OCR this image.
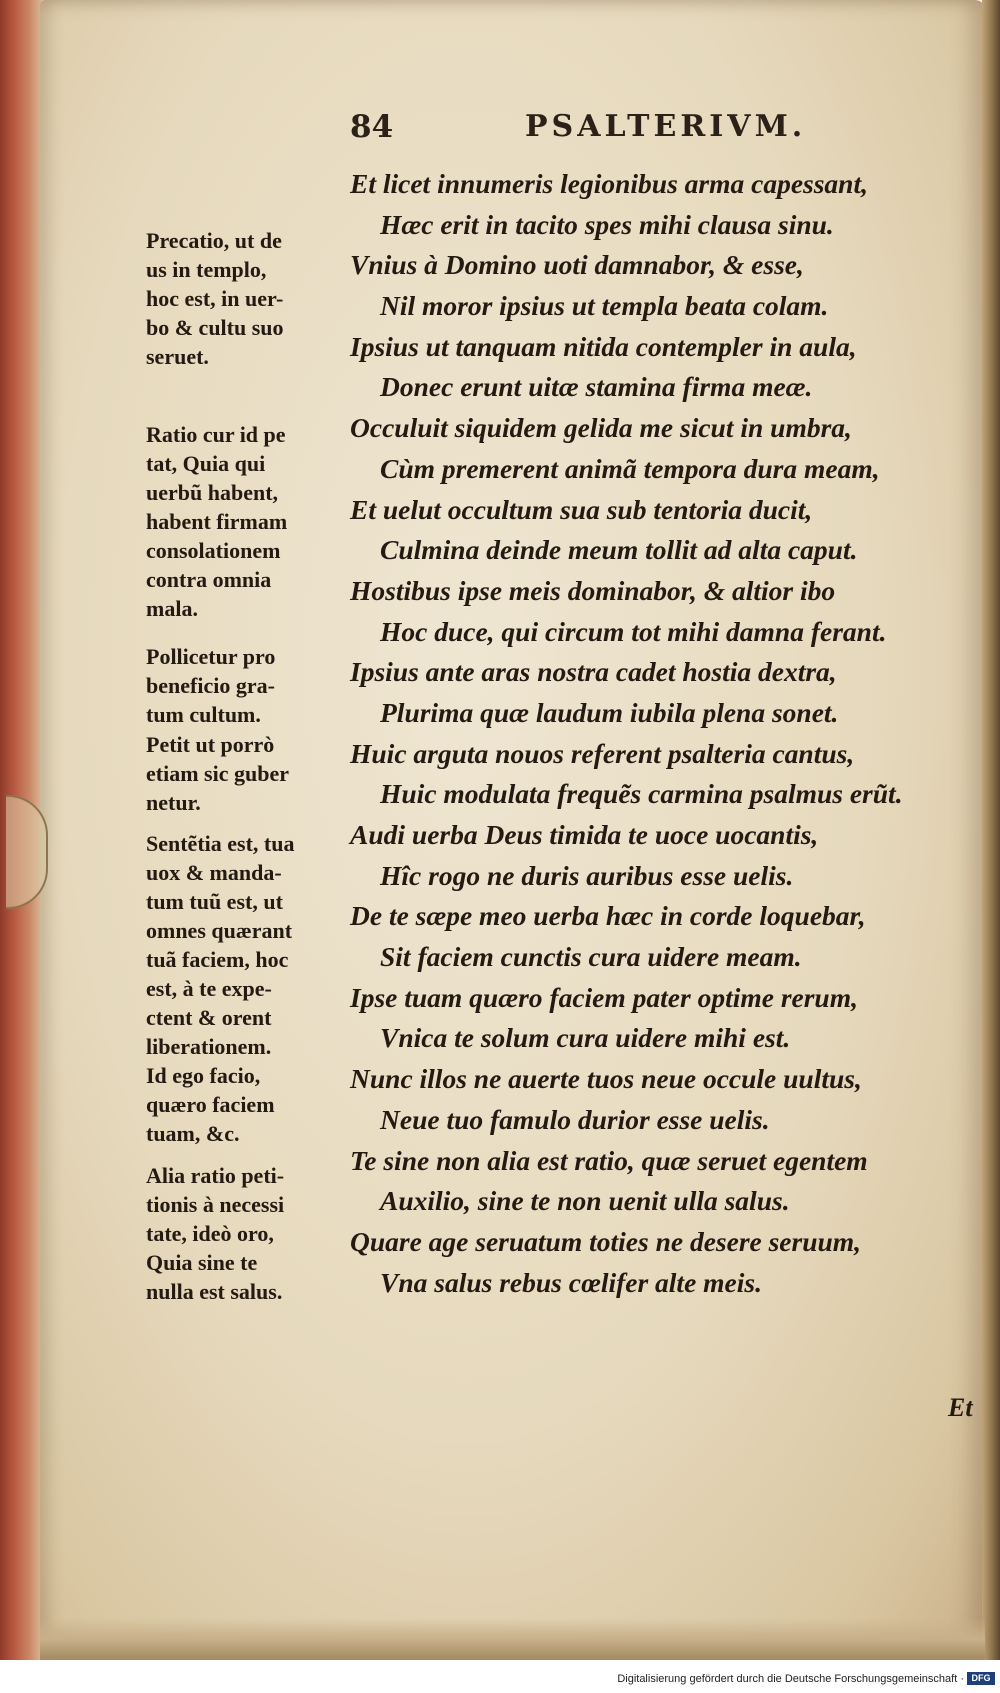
84	PSALTERIVM.
Et licet innumeris legionibus arma capessant,
Hæc erit in tacito spes mihi clausa sinu.
Vnius à Domino uoti damnabor, & esse,
Nil moror ipsius ut templa beata colam.
Ipsius ut tanquam nitida contempler in aula,
Donec erunt uitæ stamina firma meæ.
Occuluit siquidem gelida me sicut in umbra,
Cùm premerent animã tempora dura meam,
Et uelut occultum sua sub tentoria ducit,
Culmina deinde meum tollit ad alta caput.
Hostibus ipse meis dominabor, & altior ibo
Hoc duce, qui circum tot mihi damna ferant.
Ipsius ante aras nostra cadet hostia dextra,
Plurima quæ laudum iubila plena sonet.
Huic arguta nouos referent psalteria cantus,
Huic modulata frequẽs carmina psalmus erũt.
Audi uerba Deus timida te uoce uocantis,
Hîc rogo ne duris auribus esse uelis.
De te sæpe meo uerba hæc in corde loquebar,
Sit faciem cunctis cura uidere meam.
Ipse tuam quæro faciem pater optime rerum,
Vnica te solum cura uidere mihi est.
Nunc illos ne auerte tuos neue occule uultus,
Neue tuo famulo durior esse uelis.
Te sine non alia est ratio, quæ seruet egentem
Auxilio, sine te non uenit ulla salus.
Quare age seruatum toties ne desere seruum,
Vna salus rebus cœlifer alte meis.
Precatio, ut de
us in templo,
hoc est, in uer-
bo & cultu suo
seruet.
Ratio cur id pe
tat, Quia qui
uerbũ habent,
habent firmam
consolationem
contra omnia
mala.
Pollicetur pro
beneficio gra-
tum cultum.
Petit ut porrò
etiam sic guber
netur.
Sentẽtia est, tua
uox & manda-
tum tuũ est, ut
omnes quærant
tuã faciem, hoc
est, à te expe-
ctent & orent
liberationem.
Id ego facio,
quæro faciem
tuam, &c.
Alia ratio peti-
tionis à necessi
tate, ideò oro,
Quia sine te
nulla est salus.
Et
Digitalisierung gefördert durch die Deutsche Forschungsgemeinschaft · DFG
